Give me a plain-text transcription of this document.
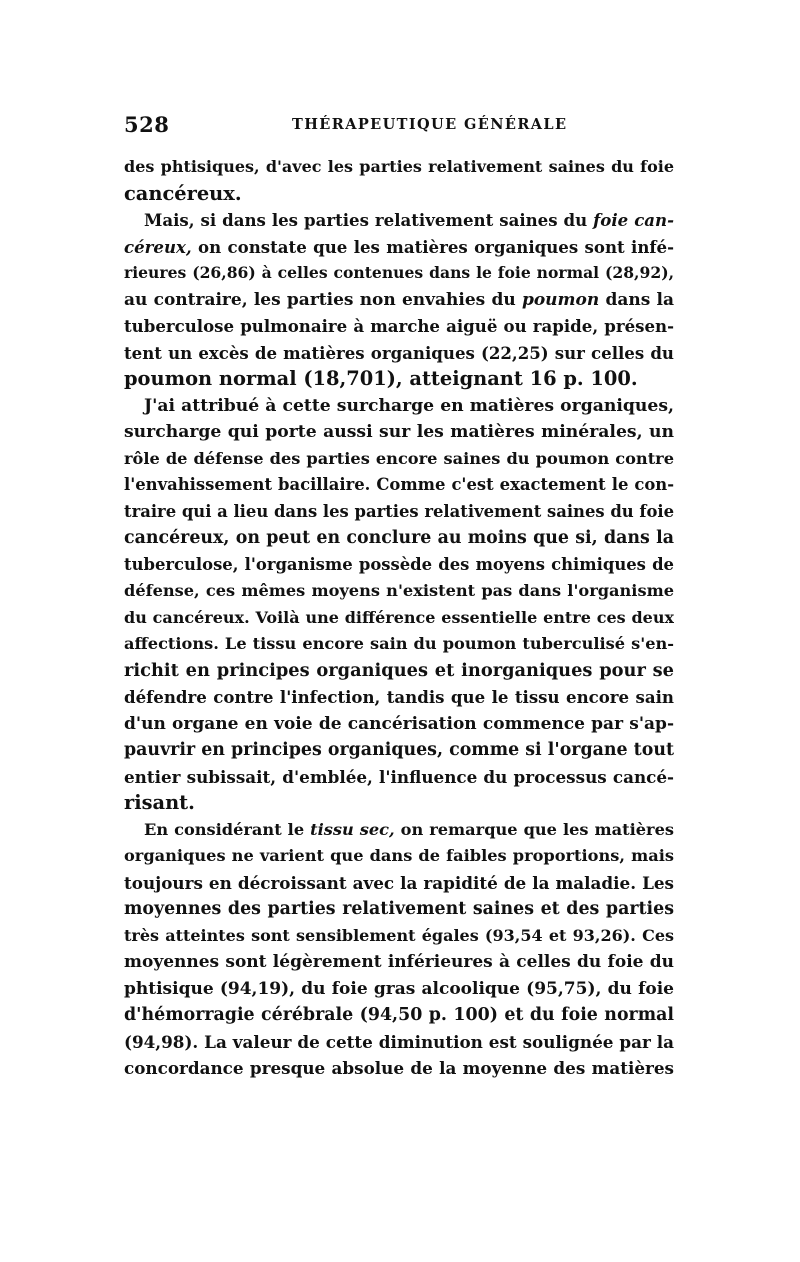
528	THÉRAPEUTIQUE GÉNÉRALE
des phtisiques, d'avec les parties relativement saines du foie
cancéreux.
Mais, si dans les parties relativement saines du foie can-
céreux, on constate que les matières organiques sont infé-
rieures (26,86) à celles contenues dans le foie normal (28,92),
au contraire, les parties non envahies du poumon dans la
tuberculose pulmonaire à marche aiguë ou rapide, présen-
tent un excès de matières organiques (22,25) sur celles du
poumon normal (18,701), atteignant 16 p. 100.
J'ai attribué à cette surcharge en matières organiques,
surcharge qui porte aussi sur les matières minérales, un
rôle de défense des parties encore saines du poumon contre
l'envahissement bacillaire. Comme c'est exactement le con-
traire qui a lieu dans les parties relativement saines du foie
cancéreux, on peut en conclure au moins que si, dans la
tuberculose, l'organisme possède des moyens chimiques de
défense, ces mêmes moyens n'existent pas dans l'organisme
du cancéreux. Voilà une différence essentielle entre ces deux
affections. Le tissu encore sain du poumon tuberculisé s'en-
richit en principes organiques et inorganiques pour se
défendre contre l'infection, tandis que le tissu encore sain
d'un organe en voie de cancérisation commence par s'ap-
pauvrir en principes organiques, comme si l'organe tout
entier subissait, d'emblée, l'influence du processus cancé-
risant.
En considérant le tissu sec, on remarque que les matières
organiques ne varient que dans de faibles proportions, mais
toujours en décroissant avec la rapidité de la maladie. Les
moyennes des parties relativement saines et des parties
très atteintes sont sensiblement égales (93,54 et 93,26). Ces
moyennes sont légèrement inférieures à celles du foie du
phtisique (94,19), du foie gras alcoolique (95,75), du foie
d'hémorragie cérébrale (94,50 p. 100) et du foie normal
(94,98). La valeur de cette diminution est soulignée par la
concordance presque absolue de la moyenne des matières
